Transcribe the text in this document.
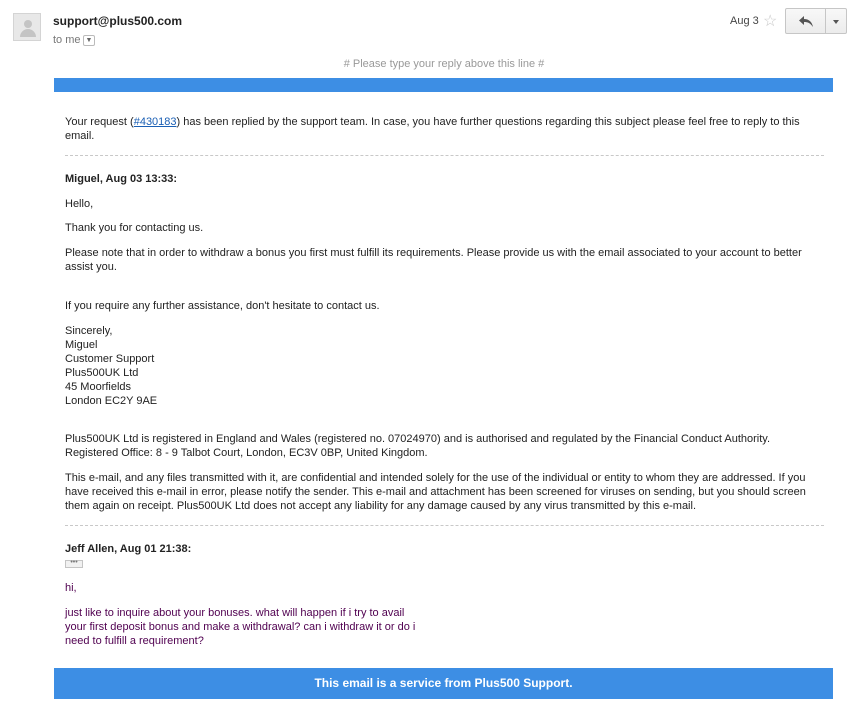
support@plus500.com
to me ▼
Aug 3 ☆
# Please type your reply above this line #

Your request (#430183) has been replied by the support team. In case, you have further questions regarding this subject please feel free to reply to this email.

Miguel, Aug 03 13:33:
Hello,
Thank you for contacting us.
Please note that in order to withdraw a bonus you first must fulfill its requirements. Please provide us with the email associated to your account to better assist you.
If you require any further assistance, don't hesitate to contact us.

Sincerely,

Miguel

Customer Support

Plus500UK Ltd

45 Moorfields

London EC2Y 9AE

Plus500UK Ltd is registered in England and Wales (registered no. 07024970) and is authorised and regulated by the Financial Conduct Authority. Registered Office: 8 - 9 Talbot Court, London, EC3V 0BP, United Kingdom.
This e-mail, and any files transmitted with it, are confidential and intended solely for the use of the individual or entity to whom they are addressed. If you have received this e-mail in error, please notify the sender. This e-mail and attachment has been screened for viruses on sending, but you should screen them again on receipt. Plus500UK Ltd does not accept any liability for any damage caused by any virus transmitted by this e-mail.
Jeff Allen, Aug 01 21:38:
•••
hi,

just like to inquire about your bonuses. what will happen if i try to avail

your first deposit bonus and make a withdrawal? can i withdraw it or do i

need to fulfill a requirement?

This email is a service from Plus500 Support.
